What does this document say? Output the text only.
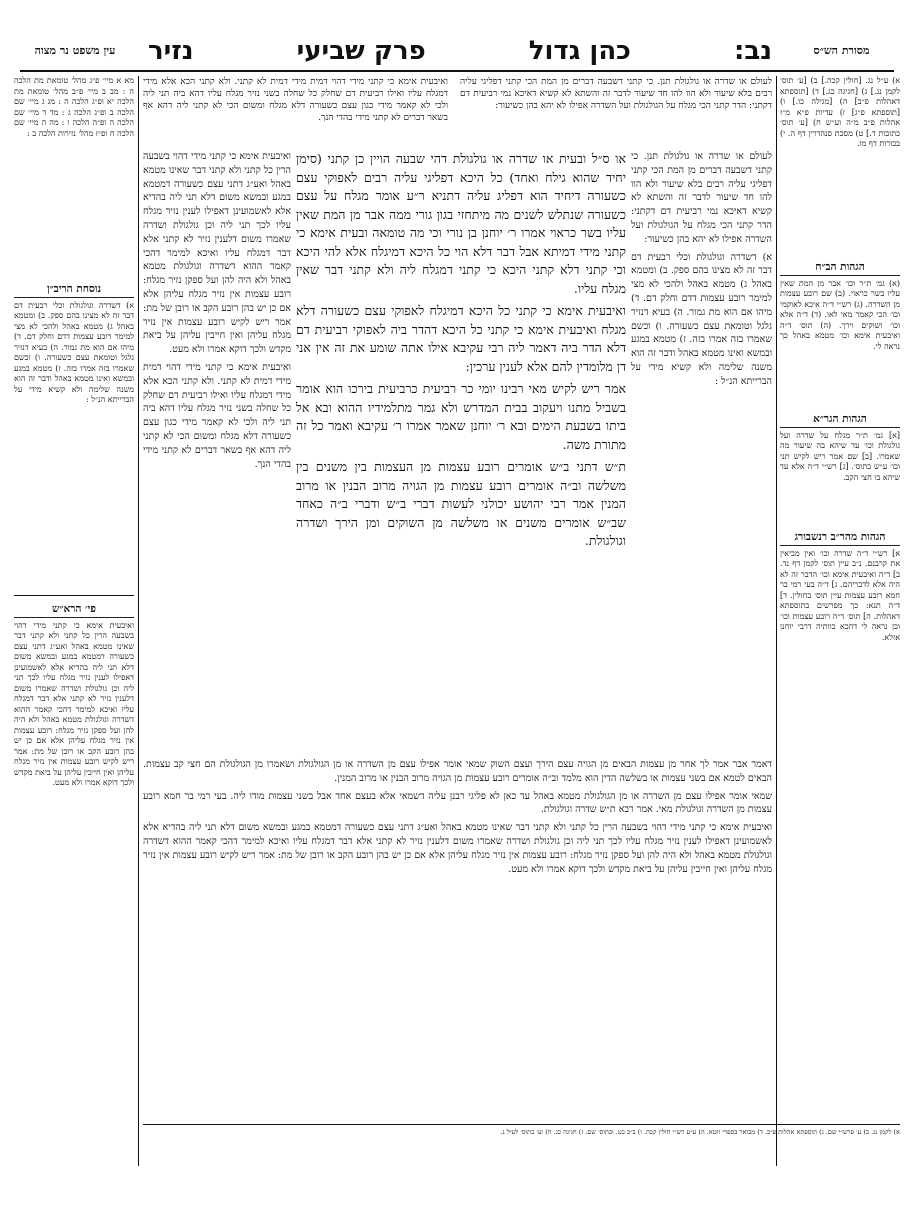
עין משפט נר מצוה	נב:
כהן גדול
פרק שביעי
נזיר	מסורת הש״ס

מא א מיי׳ פ״ג מהל׳ טומאת מת הלכה ה : מב ב מיי׳ פ״ב מהל׳ טומאת מת הלכה יא ופ״ג הלכה ה : מג ג מיי׳ שם הלכה ב ופ״ג הלכה ג : מד ד מיי׳ שם הלכה ה ופ״ה הלכה ו : מה ה מיי׳ שם הלכה ח ופ״ז מהל׳ נזירות הלכה ב :

נוסחת הריב״ן

א) דשדרה וגולגולת וכלי רבעית דם דבר זה לא מצינו בהם ספק. ב) ומטמא באהל ג) מטמא באהל ולהכי לא מצי למימר רובע עצמות דדם וחלק דם. ד) מיהו אם הוא מת גמור. ה) בעיא דנזיר גלגל וטומאת עצם כשעורה. ו) וכשם שאמרו בזה אמרו בזה. ז) מטמא במגע ובמשא ואינו מטמא באהל ודבר זה הוא משנה שלימה ולא קשיא מידי על הברייתא הנ״ל :

פי׳ הרא״ש

ואיבעית אימא כי קתני מידי דהוי בשבעה הרין כל קתני ולא קתני דבר שאינו מטמא באהל ואע״ג דתני עצם כשעורה דמטמא במגע ובמשא משום דלא תני ליה בהדיא אלא לאשמועינן דאפילו לענין נזיר מגלח עליו לכך תני ליה וכן גולגולת ושדרה שאמרו משום דלענין נזיר לא קתני אלא דבר דמגלח עליו ואיכא למימר דהכי קאמר ההוא דשדרה וגולגולת מטמא באהל ולא היה להן ועל ספקן נזיר מגלח: רובע עצמות אין נזיר מגלח עליהן אלא אם כן יש בהן רובע הקב או רובן של מת: אמר ריש לקיש רובע עצמות אין נזיר מגלח עליהן ואין חייבין עליהן על ביאת מקדש ולכך דוקא אמרו ולא מעט.

א) ע״ל נג. [חולין קכה.] ב) [ע׳ תוס׳ לקמן נג.] ג) [חגיגה כג.] ד) [תוספתא דאהלות פ״ב] ה) [מגילה כו.] ו) [תוספתא פ״ג] ז) עדיות פ״א מ״ז אהלות פ״ב מ״ה וע״ש ח) [ע׳ תוס׳ כתובות ד.] ט) מסכת סנהדרין דף ה. י) בכורות דף מו.

הגהות הב״ח

(א) גמ׳ ת״ר וכו׳ אבר מן המת שאין עליו בשר כראוי. (ב) שם רובע עצמות מן השדרה. (ג) רש״י ד״ה איכא לאוקמי וכו׳ הכי קאמר מאי לאו. (ד) ד״ה אלא וכו׳ ושוקים וירך. (ה) תוס׳ ד״ה ואיבעית אימא וכו׳ מטמא באהל כך נראה לי.

הגהות הגר״א

[א] גמ׳ ת״ר מגלח על שדרה ועל גולגולת וכו׳ עד שיהא בה שיעור מה שאמרו. [ב] שם אמר ריש לקיש תני וכו׳ ע״ש בתוס׳. [ג] רש״י ד״ה אלא עד שיהא בו חצי הקב.

הגהות מהר״ב רנשבורג

א] רש״י ד״ה שדרה וכו׳ ואין מביאין את קרבנם. נ״ב עיין תוס׳ לקמן דף נד. ב] ד״ה ואיבעית אימא וכו׳ הדבר זה לא היה אלא לדבריהם. ג] ד״ה בעי רמי בר חמא רובע עצמות עיין תוס׳ בחולין. ד] ד״ה תנא: כך מפרשים בתוספתא דאהלות. ה] תוס׳ ד״ה רובע עצמות וכו׳ וכן נראה לי דהכא כוותיה דרבי יוחנן אזלא.

ואיבעית אימא כי קתני מידי דהוי דמית מידי דמית לא קתני. ולא קתני הכא אלא מידי דמגלח עליו ואילו רביעית דם שחלק כל שחלה בשני נזיר מגלח עליו דהא ביה תני ליה ולכי לא קאמר מידי כגון עצם כשעורה דלא מגלח ומשום הכי לא קתני ליה דהא אף בשאר דברים לא קתני מידי בהדי הנך.

לעולם או שדרה או גולגולת תנן. כי קתני דשבעה דברים מן המת הכי קתני דפליגי עליה רבים בלא שיעור ולא הוו להו חד שיעור לדבר זה והשתא לא קשיא דאיכא נמי רביעית דם דקתני: הדר קתני הכי מגלח על הגולגולת ועל השדרה אפילו לא יהא בהן כשיעור:

או ס״ל ובעית או שדרה או גולגולת דהי שבעה הויין כן קתני (סימן יחיד שהוא גילח ואחד) כל היכא דפליגי עליה רבים לאפוקי עצם כשעורה דיחיד הוא דפליג עליה דתניא ר״ע אומר מגלח על עצם כשעורה שנתלש לשנים מה מיתחזי בגון גורי ממה אבר מן המת שאין עליו בשר כראוי אמרו ר׳ יוחנן בן נורי וכי מה טומאה ובעית אימא כי קתני מידי דמיתא אבל דבר דלא הוי כל היכא דמיגלח אלא להי היכא וכי קתני דלא קתני היכא כי קתני דמגלח ליה ולא קתני דבר שאין מגלח עליו.

ואיבעית אימא כי קתני כל היכא דמיגלח לאפוקי עצם כשעורה דלא מגלח ואיבעית אימא כי קתני כל היכא דהדר ביה לאפוקי רביעית דם דלא הדר ביה דאמר ליה רבי עקיבא אילו אתה שומע את זה אין אני דן מלומדין להם אלא לענין ערכין:

אמר ריש לקיש מאי רבינו יומי כר רביעית כרביעית בירכו הוא אומר בשביל מתנו ויעקוב בבית המדרש ולא גמר מתלמידיו ההוא ובא אל ביתו בשבעת הימים ובא ר׳ יוחנן שאמר אמרו ר׳ עקיבא ואמר כל זה מתורת משה.

ת״ש דתני ב״ש אומרים רובע עצמות מן העצמות בין משנים בין משלשה וב״ה אומרים רובע עצמות מן הגויה מרוב הבנין או מרוב המנין אמר רבי יהושע יכולני לעשות דברי ב״ש ודברי ב״ה כאחד שב״ש אומרים משנים או משלשה מן השוקים ומן הירך ושדרה וגולגולת.

ואיבעית אימא כי קתני מידי דהוי בשבעה הרין כל קתני ולא קתני דבר שאינו מטמא באהל ואע״ג דתני עצם כשעורה דמטמא במגע ובמשא משום דלא תני ליה בהדיא אלא לאשמועינן דאפילו לענין נזיר מגלח עליו לכך תני ליה וכן גולגולת ושדרה שאמרו משום דלענין נזיר לא קתני אלא דבר דמגלח עליו ואיכא למימר דהכי קאמר ההוא דשדרה וגולגולת מטמא באהל ולא היה להן ועל ספקן נזיר מגלח: רובע עצמות אין נזיר מגלח עליהן אלא אם כן יש בהן רובע הקב או רובן של מת: אמר ריש לקיש רובע עצמות אין נזיר מגלח עליהן ואין חייבין עליהן על ביאת מקדש ולכך דוקא אמרו ולא מעט.

ואיבעית אימא כי קתני מידי דהוי דמית מידי דמית לא קתני. ולא קתני הכא אלא מידי דמגלח עליו ואילו רביעית דם שחלק כל שחלה בשני נזיר מגלח עליו דהא ביה תני ליה ולכי לא קאמר מידי כגון עצם כשעורה דלא מגלח ומשום הכי לא קתני ליה דהא אף בשאר דברים לא קתני מידי בהדי הנך.

לעולם או שדרה או גולגולת תנן. כי קתני דשבעה דברים מן המת הכי קתני דפליגי עליה רבים בלא שיעור ולא הוו להו חד שיעור לדבר זה והשתא לא קשיא דאיכא נמי רביעית דם דקתני: הדר קתני הכי מגלח על הגולגולת ועל השדרה אפילו לא יהא בהן כשיעור:

א) דשדרה וגולגולת וכלי רבעית דם דבר זה לא מצינו בהם ספק. ב) ומטמא באהל ג) מטמא באהל ולהכי לא מצי למימר רובע עצמות דדם וחלק דם. ד) מיהו אם הוא מת גמור. ה) בעיא דנזיר גלגל וטומאת עצם כשעורה. ו) וכשם שאמרו בזה אמרו בזה. ז) מטמא במגע ובמשא ואינו מטמא באהל ודבר זה הוא משנה שלימה ולא קשיא מידי על הברייתא הנ״ל :

דאמר אבר אמר לך אחר מן עצמות הבאים מן הגויה עצם הירך ועצם השוק שמאי אומר אפילו עצם מן השדרה או מן הגולגולת ושאמרו מן הגולגולת הם חצי קב עצמות. הבאים לטמא אם בשני עצמות או בשלשה הדין הוא מלמד וב״ה אומרים רובע עצמות מן הגויה מרוב הבנין או מרוב המנין.

שמאי אומר אפילו עצם מן השדרה או מן הגולגולת מטמא באהל עד כאן לא פליגי רבנן עליה דשמאי אלא בעצם אחד אבל בשני עצמות מודו ליה. בעי רמי בר חמא רובע עצמות מן השדרה וגולגולת מאי. אמר רבא ת״ש שדרה וגולגולת.

ואיבעית אימא כי קתני מידי דהוי בשבעה הרין כל קתני ולא קתני דבר שאינו מטמא באהל ואע״ג דתני עצם כשעורה דמטמא במגע ובמשא משום דלא תני ליה בהדיא אלא לאשמועינן דאפילו לענין נזיר מגלח עליו לכך תני ליה וכן גולגולת ושדרה שאמרו משום דלענין נזיר לא קתני אלא דבר דמגלח עליו ואיכא למימר דהכי קאמר ההוא דשדרה וגולגולת מטמא באהל ולא היה להן ועל ספקן נזיר מגלח: רובע עצמות אין נזיר מגלח עליהן אלא אם כן יש בהן רובע הקב או רובן של מת: אמר ריש לקיש רובע עצמות אין נזיר מגלח עליהן ואין חייבין עליהן על ביאת מקדש ולכך דוקא אמרו ולא מעט.

א) לקמן נג. ב) ע׳ פרש״י שם. ג) תוספתא אהלות פ״ב. ד) מבואר בספרי זוטא. ה) ע״ע רש״י חולין קכה. ו) ב״ב כט. ובתוס׳ שם. ז) חגיגה כג. ח) וע׳ בתוס׳ לעיל נ.
